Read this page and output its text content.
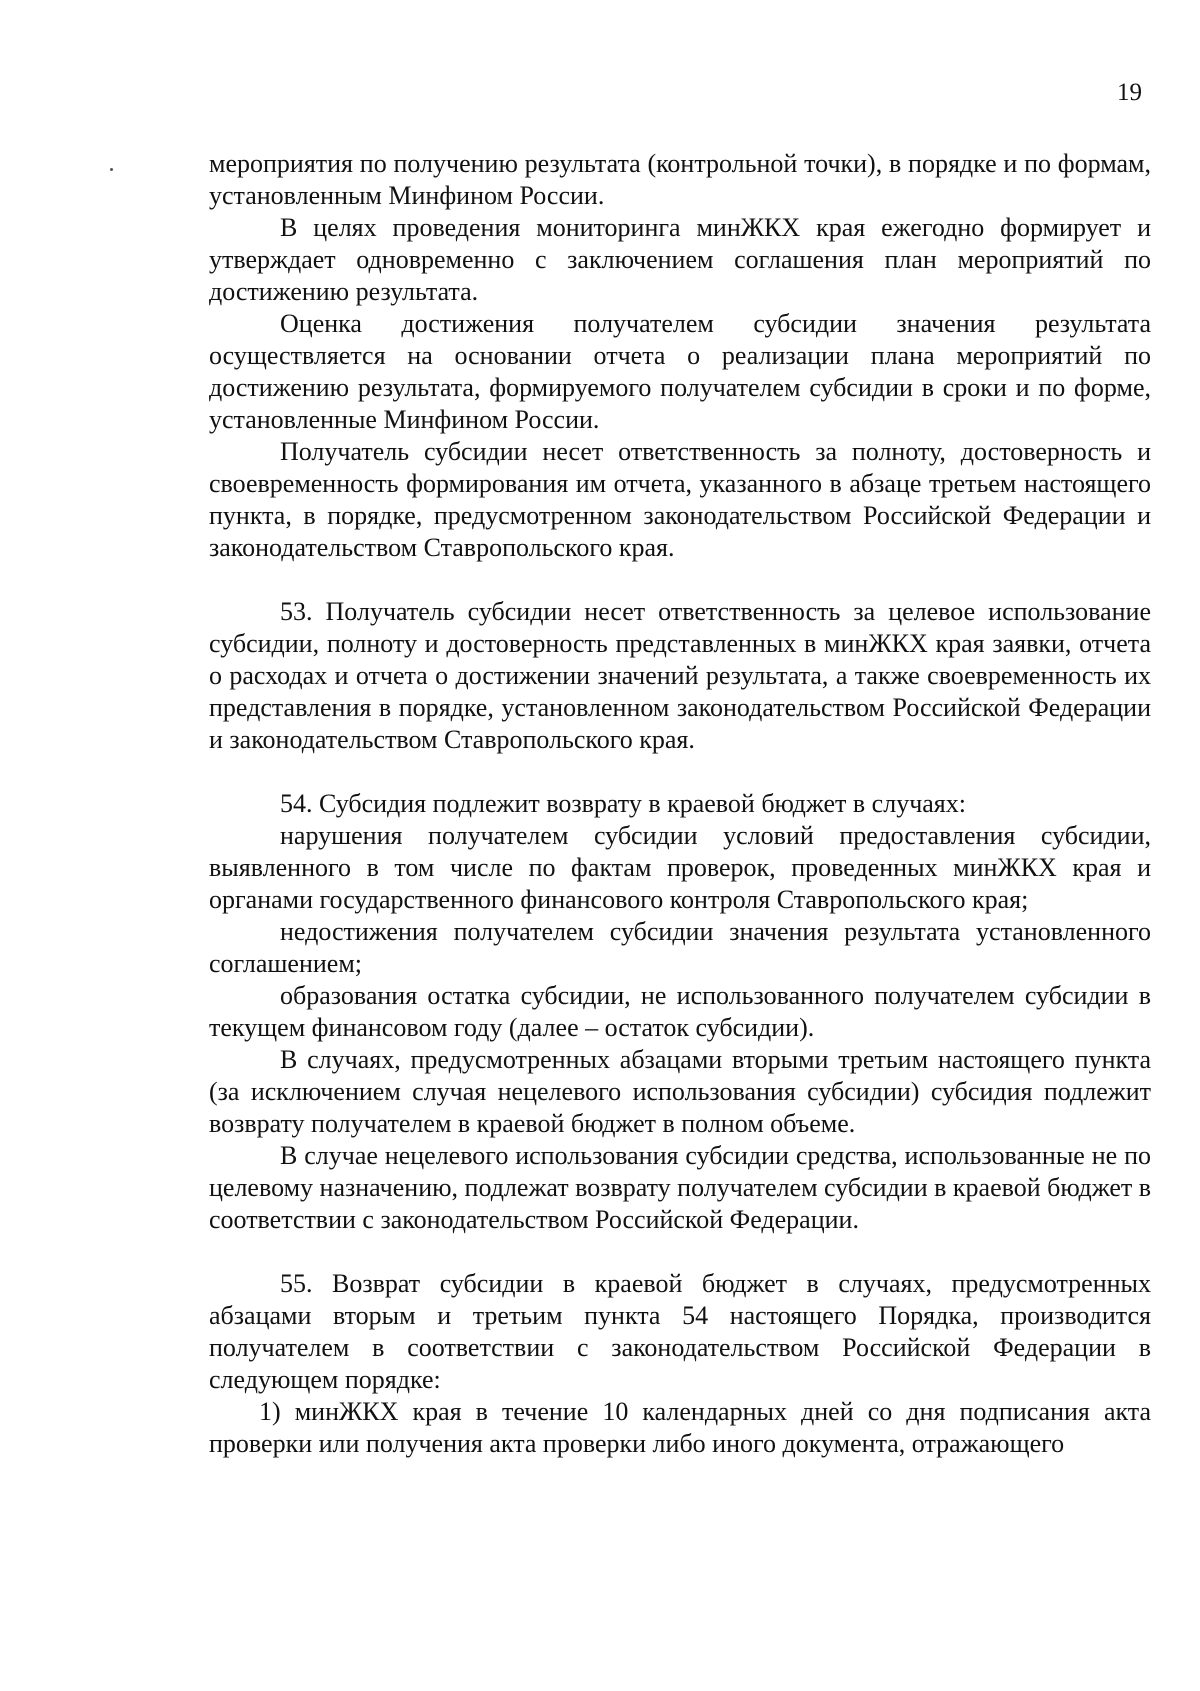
19

мероприятия по получению результата (контрольной точки), в порядке и по формам, установленным Минфином России.

В целях проведения мониторинга минЖКХ края ежегодно формирует и утверждает одновременно с заключением соглашения план мероприятий по достижению результата.

Оценка достижения получателем субсидии значения результата осуществляется на основании отчета о реализации плана мероприятий по достижению результата, формируемого получателем субсидии в сроки и по форме, установленные Минфином России.

Получатель субсидии несет ответственность за полноту, достоверность и своевременность формирования им отчета, указанного в абзаце третьем настоящего пункта, в порядке, предусмотренном законодательством Российской Федерации и законодательством Ставропольского края.

53. Получатель субсидии несет ответственность за целевое использование субсидии, полноту и достоверность представленных в минЖКХ края заявки, отчета о расходах и отчета о достижении значений результата, а также своевременность их представления в порядке, установленном законодательством Российской Федерации и законодательством Ставропольского края.

54. Субсидия подлежит возврату в краевой бюджет в случаях:

нарушения получателем субсидии условий предоставления субсидии, выявленного в том числе по фактам проверок, проведенных минЖКХ края и органами государственного финансового контроля Ставропольского края;

недостижения получателем субсидии значения результата установленного соглашением;

образования остатка субсидии, не использованного получателем субсидии в текущем финансовом году (далее – остаток субсидии).

В случаях, предусмотренных абзацами вторыми третьим настоящего пункта (за исключением случая нецелевого использования субсидии) субсидия подлежит возврату получателем в краевой бюджет в полном объеме.

В случае нецелевого использования субсидии средства, использованные не по целевому назначению, подлежат возврату получателем субсидии в краевой бюджет в соответствии с законодательством Российской Федерации.

55. Возврат субсидии в краевой бюджет в случаях, предусмотренных абзацами вторым и третьим пункта 54 настоящего Порядка, производится получателем в соответствии с законодательством Российской Федерации в следующем порядке:

1) минЖКХ края в течение 10 календарных дней со дня подписания акта проверки или получения акта проверки либо иного документа, отражающего
